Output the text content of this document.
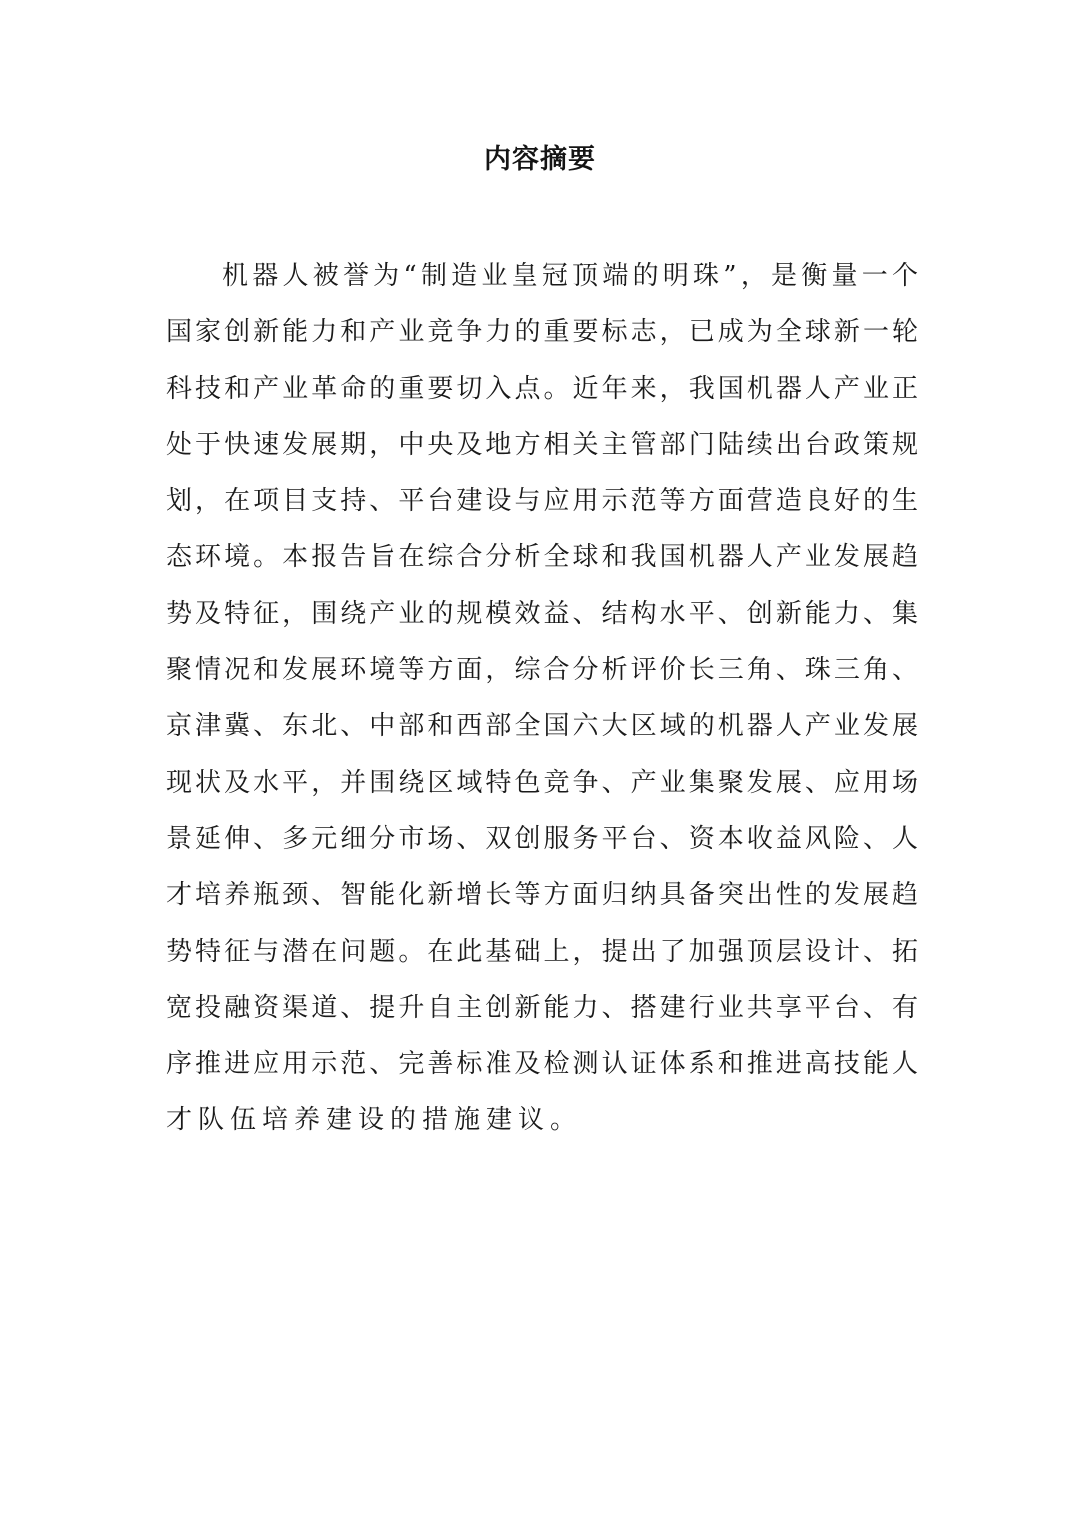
内容摘要
机器人被誉为“制造业皇冠顶端的明珠”，是衡量一个
国家创新能力和产业竞争力的重要标志，已成为全球新一轮
科技和产业革命的重要切入点。近年来，我国机器人产业正
处于快速发展期，中央及地方相关主管部门陆续出台政策规
划，在项目支持、平台建设与应用示范等方面营造良好的生
态环境。本报告旨在综合分析全球和我国机器人产业发展趋
势及特征，围绕产业的规模效益、结构水平、创新能力、集
聚情况和发展环境等方面，综合分析评价长三角、珠三角、
京津冀、东北、中部和西部全国六大区域的机器人产业发展
现状及水平，并围绕区域特色竞争、产业集聚发展、应用场
景延伸、多元细分市场、双创服务平台、资本收益风险、人
才培养瓶颈、智能化新增长等方面归纳具备突出性的发展趋
势特征与潜在问题。在此基础上，提出了加强顶层设计、拓
宽投融资渠道、提升自主创新能力、搭建行业共享平台、有
序推进应用示范、完善标准及检测认证体系和推进高技能人
才队伍培养建设的措施建议。
